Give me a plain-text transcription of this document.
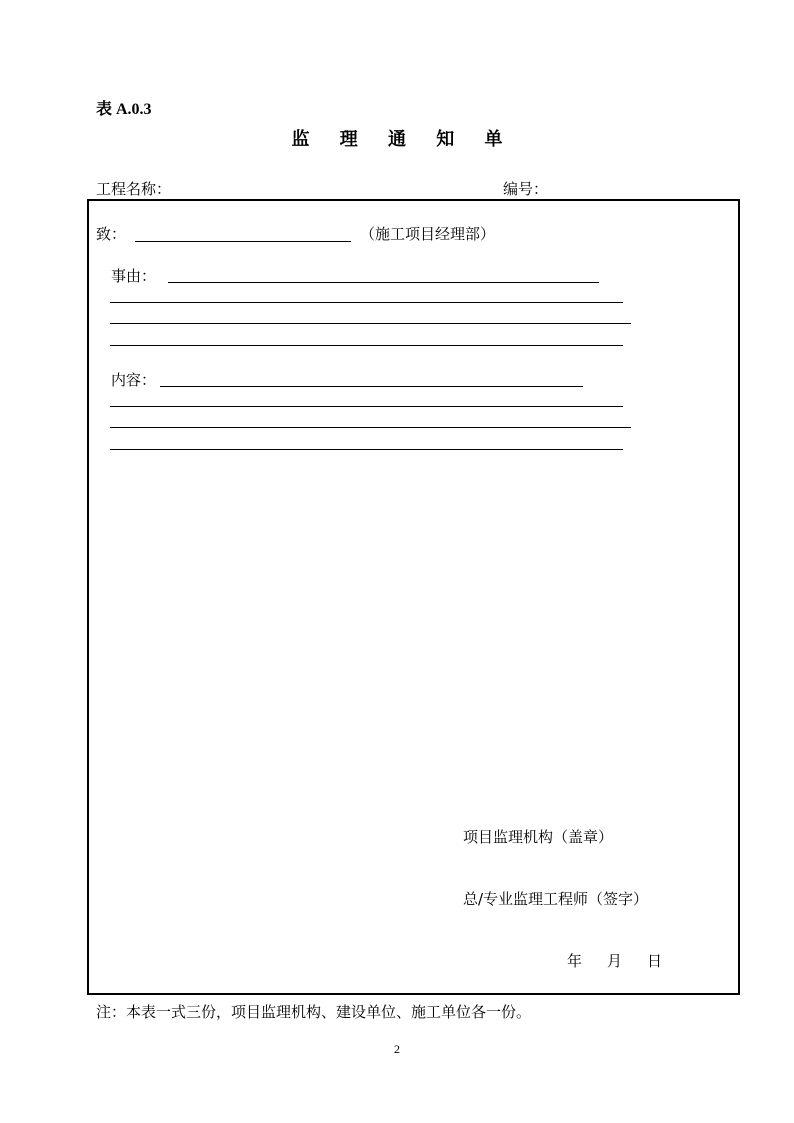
表 A.0.3
监 理 通 知 单
工程名称：	编号：
致：	（施工项目经理部）
事由：
内容：
项目监理机构（盖章）
总/专业监理工程师（签字）
年 月 日
注：本表一式三份，项目监理机构、建设单位、施工单位各一份。
2
